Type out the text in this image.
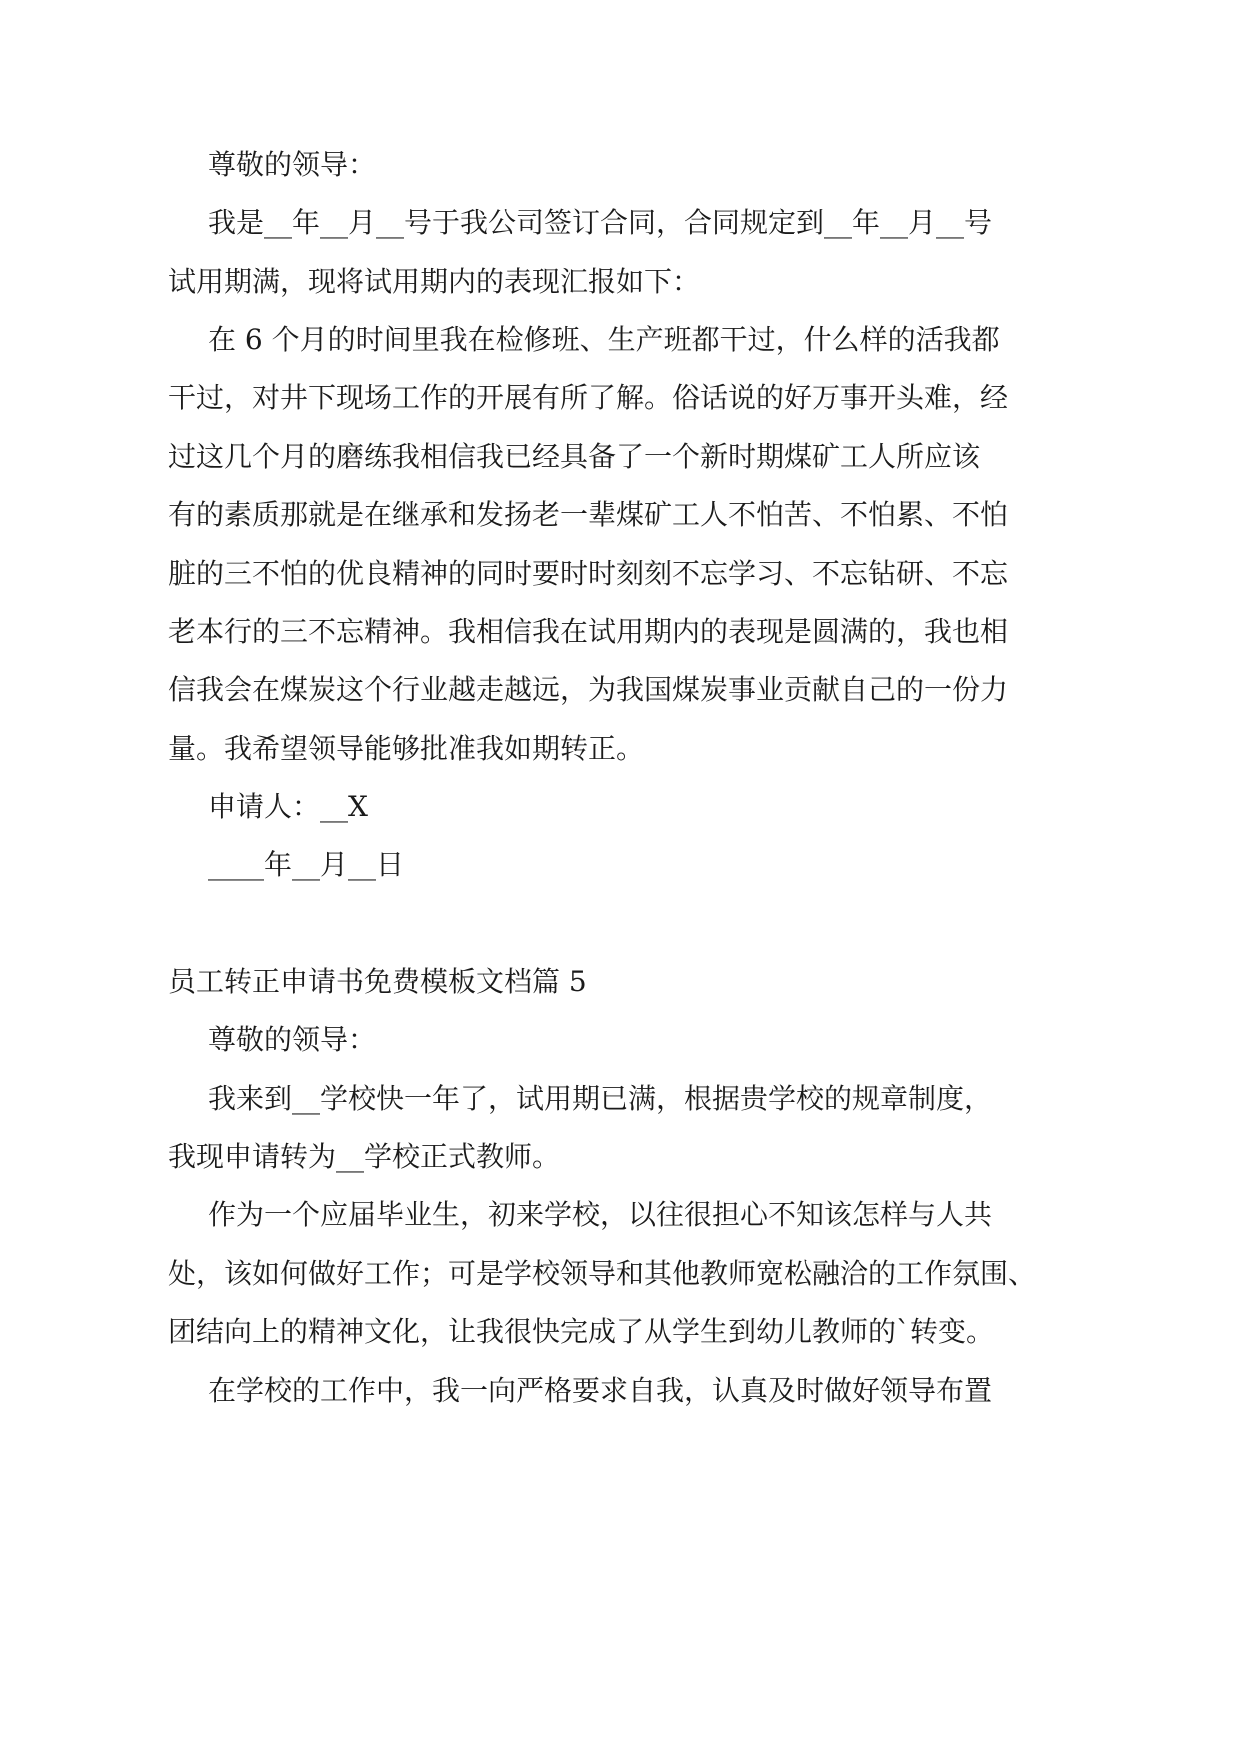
尊敬的领导：
我是__年__月__号于我公司签订合同，合同规定到__年__月__号
试用期满，现将试用期内的表现汇报如下：
在 6 个月的时间里我在检修班、生产班都干过，什么样的活我都
干过，对井下现场工作的开展有所了解。俗话说的好万事开头难，经
过这几个月的磨练我相信我已经具备了一个新时期煤矿工人所应该
有的素质那就是在继承和发扬老一辈煤矿工人不怕苦、不怕累、不怕
脏的三不怕的优良精神的同时要时时刻刻不忘学习、不忘钻研、不忘
老本行的三不忘精神。我相信我在试用期内的表现是圆满的，我也相
信我会在煤炭这个行业越走越远，为我国煤炭事业贡献自己的一份力
量。我希望领导能够批准我如期转正。
申请人：__X
____年__月__日
员工转正申请书免费模板文档篇 5
尊敬的领导：
我来到__学校快一年了，试用期已满，根据贵学校的规章制度，
我现申请转为__学校正式教师。
作为一个应届毕业生，初来学校，以往很担心不知该怎样与人共
处，该如何做好工作；可是学校领导和其他教师宽松融洽的工作氛围、
团结向上的精神文化，让我很快完成了从学生到幼儿教师的`转变。
在学校的工作中，我一向严格要求自我，认真及时做好领导布置
